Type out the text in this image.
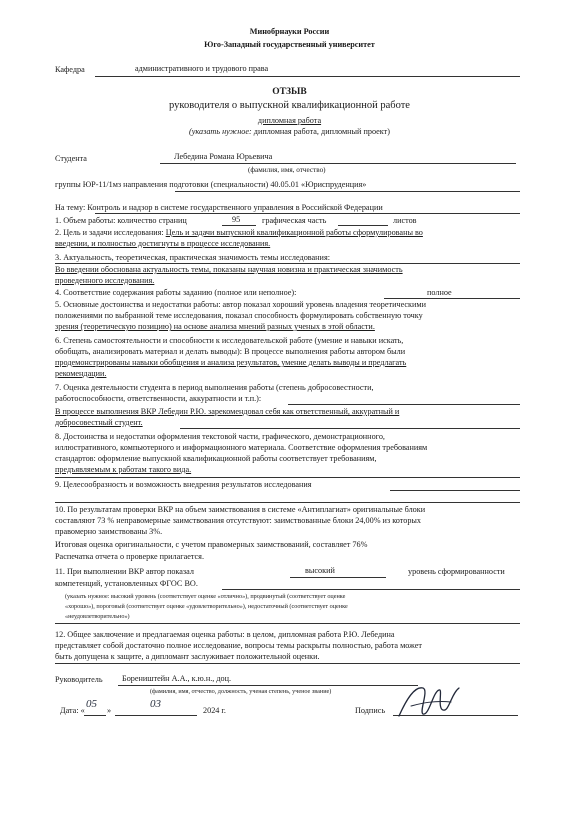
Минобрнауки России
Юго-Западный государственный университет
Кафедра	административного и трудового права
ОТЗЫВ
руководителя о выпускной квалификационной работе
дипломная работа
(указать нужное: дипломная работа, дипломный проект)
Студента	Лебедина Романа Юрьевича
(фамилия, имя, отчество)
группы ЮР-11/1мз направления подготовки (специальности) 40.05.01 «Юриспруденция»
На тему: Контроль и надзор в системе государственного управления в Российской Федерации
1. Объем работы: количество страниц	95	графическая часть	листов
2. Цель и задачи исследования: Цель и задачи выпускной квалификационной работы сформулированы во
введении, и полностью достигнуты в процессе исследования.
3. Актуальность, теоретическая, практическая значимость темы исследования:
Во введении обоснована актуальность темы, показаны научная новизна и практическая значимость
проведенного исследования.
4. Соответствие содержания работы заданию (полное или неполное):	полное
5. Основные достоинства и недостатки работы: автор показал хороший уровень владения теоретическими
положениями по выбранной теме исследования, показал способность формулировать собственную точку
зрения (теоретическую позицию) на основе анализа мнений разных ученых в этой области.
6. Степень самостоятельности и способности к исследовательской работе (умение и навыки искать,
обобщать, анализировать материал и делать выводы): В процессе выполнения работы автором были
продемонстрированы навыки обобщения и анализа результатов, умение делать выводы и предлагать
рекомендации.
7. Оценка деятельности студента в период выполнения работы (степень добросовестности,
работоспособности, ответственности, аккуратности и т.п.):
В процессе выполнения ВКР Лебедин Р.Ю. зарекомендовал себя как ответственный, аккуратный и
добросовестный студент.
8. Достоинства и недостатки оформления текстовой части, графического, демонстрационного,
иллюстративного, компьютерного и информационного материала. Соответствие оформления требованиям
стандартов: оформление выпускной квалификационной работы соответствует требованиям,
предъявляемым к работам такого вида.
9. Целесообразность и возможность внедрения результатов исследования
10. По результатам проверки ВКР на объем заимствования в системе «Антиплагиат» оригинальные блоки
составляют 73 % неправомерные заимствования отсутствуют: заимствованные блоки 24,00% из которых
правомерно заимствованы 3%.
Итоговая оценка оригинальности, с учетом правомерных заимствований, составляет 76%
Распечатка отчета о проверке прилагается.
11. При выполнении ВКР автор показал	высокий	уровень сформированности
компетенций, установленных ФГОС ВО.
(указать нужное: высокий уровень (соответствует оценке «отлично»), продвинутый (соответствует оценке
«хорошо»), пороговый (соответствует оценке «удовлетворительно»), недостаточный (соответствует оценке
«неудовлетворительно»)
12. Общее заключение и предлагаемая оценка работы: в целом, дипломная работа Р.Ю. Лебедина
представляет собой достаточно полное исследование, вопросы темы раскрыты полностью, работа может
быть допущена к защите, а дипломант заслуживает положительной оценки.
Руководитель Бореништейн А.А., к.ю.н., доц.
(фамилия, имя, отчество, должность, ученая степень, ученое звание)
Дата: «
05
»
03
2024 г.	Подпись
